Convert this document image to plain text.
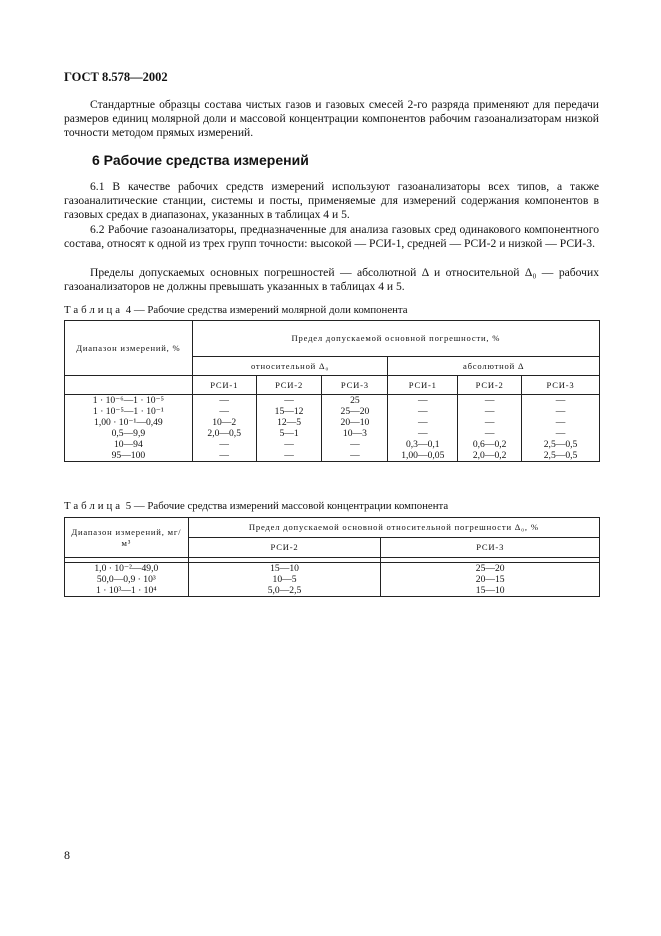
ГОСТ 8.578—2002

Стандартные образцы состава чистых газов и газовых смесей 2-го разряда применяют для передачи размеров единиц молярной доли и массовой концентрации компонентов рабочим газоанализаторам низкой точности методом прямых измерений.

6 Рабочие средства измерений

6.1 В качестве рабочих средств измерений используют газоанализаторы всех типов, а также газоаналитические станции, системы и посты, применяемые для измерений содержания компонентов в газовых средах в диапазонах, указанных в таблицах 4 и 5.

6.2 Рабочие газоанализаторы, предназначенные для анализа газовых сред одинакового компонентного состава, относят к одной из трех групп точности: высокой — РСИ-1, средней — РСИ-2 и низкой — РСИ-3.

Пределы допускаемых основных погрешностей — абсолютной Δ и относительной Δ₀ — рабочих газоанализаторов не должны превышать указанных в таблицах 4 и 5.

Таблица 4 — Рабочие средства измерений молярной доли компонента
Диапазон измерений, %	Предел допускаемой основной погрешности, %					
	относительной Δ₀			абсолютной Δ		
	РСИ-1	РСИ-2	РСИ-3	РСИ-1	РСИ-2	РСИ-3
1 · 10⁻⁶—1 · 10⁻⁵	—	—	25	—	—	—
1 · 10⁻⁵—1 · 10⁻¹	—	15—12	25—20	—	—	—
1,00 · 10⁻¹—0,49	10—2	12—5	20—10	—	—	—
0,5—9,9	2,0—0,5	5—1	10—3	—	—	—
10—94	—	—	—	0,3—0,1	0,6—0,2	2,5—0,5
95—100	—	—	—	1,00—0,05	2,0—0,2	2,5—0,5
Таблица 5 — Рабочие средства измерений массовой концентрации компонента
Диапазон измерений, мг/м³	Предел допускаемой основной относительной погрешности Δ₀, %	
	РСИ-2	РСИ-3

1,0 · 10⁻²—49,0	15—10	25—20
50,0—0,9 · 10³	10—5	20—15
1 · 10³—1 · 10⁴	5,0—2,5	15—10
8
